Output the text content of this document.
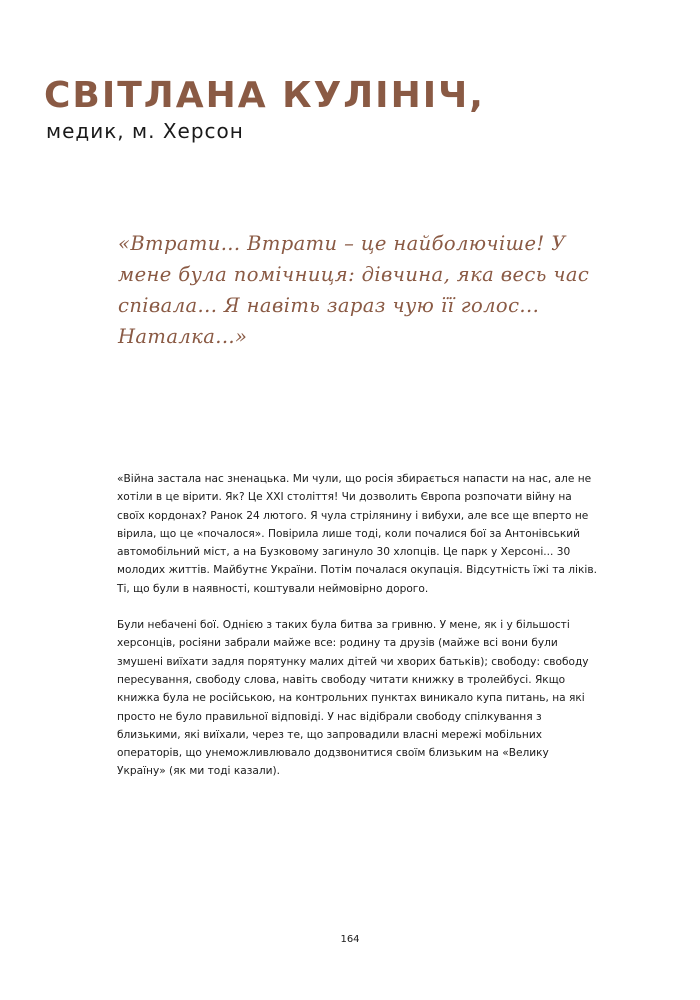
СВІТЛАНА КУЛІНІЧ,
медик, м. Херсон

«Втрати... Втрати – це найболючіше! У мене була помічниця: дівчина, яка весь час співала... Я навіть зараз чую її голос... Наталка...»

«Війна застала нас зненацька. Ми чули, що росія збирається напасти на нас, але не хотіли в це вірити. Як? Це XXI століття! Чи дозволить Європа розпочати війну на своїх кордонах? Ранок 24 лютого. Я чула стрілянину і вибухи, але все ще вперто не вірила, що це «почалося». Повірила лише тоді, коли почалися бої за Антонівський автомобільний міст, а на Бузковому загинуло 30 хлопців. Це парк у Херсоні... 30 молодих життів. Майбутнє України. Потім почалася окупація. Відсутність їжі та ліків. Ті, що були в наявності, коштували неймовірно дорого.

Були небачені бої. Однією з таких була битва за гривню. У мене, як і у більшості херсонців, росіяни забрали майже все: родину та друзів (майже всі вони були змушені виїхати задля порятунку малих дітей чи хворих батьків); свободу: свободу пересування, свободу слова, навіть свободу читати книжку в тролейбусі. Якщо книжка була не російською, на контрольних пунктах виникало купа питань, на які просто не було правильної відповіді. У нас відібрали свободу спілкування з близькими, які виїхали, через те, що запровадили власні мережі мобільних операторів, що унеможливлювало додзвонитися своїм близьким на «Велику Україну» (як ми тоді казали).

164
